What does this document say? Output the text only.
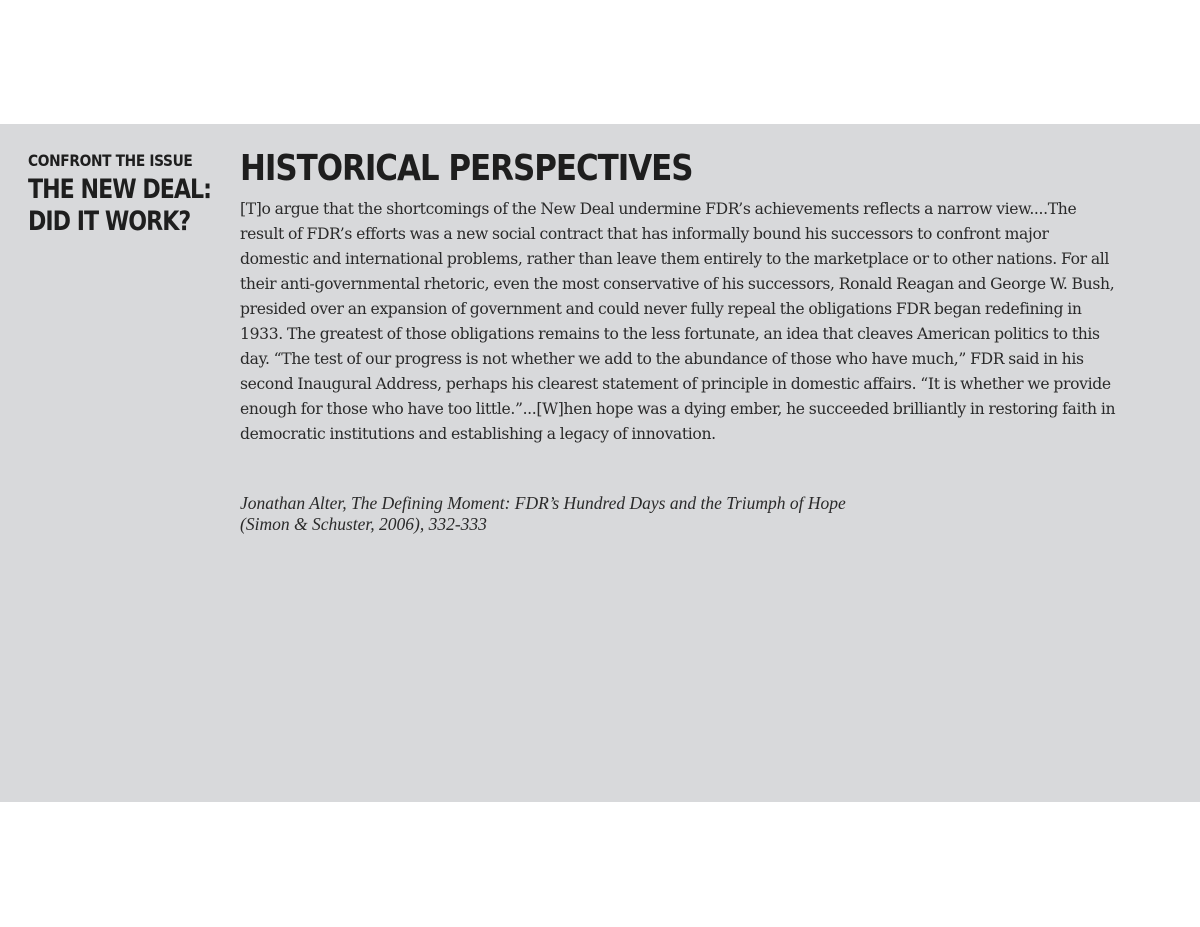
CONFRONT THE ISSUE
THE NEW DEAL:
DID IT WORK?
HISTORICAL PERSPECTIVES

[T]o argue that the shortcomings of the New Deal undermine FDR’s achievements reflects a narrow view....The result of FDR’s efforts was a new social contract that has informally bound his successors to confront major domestic and international problems, rather than leave them entirely to the marketplace or to other nations. For all their anti-governmental rhetoric, even the most conservative of his successors, Ronald Reagan and George W. Bush, presided over an expansion of government and could never fully repeal the obligations FDR began redefining in 1933. The greatest of those obligations remains to the less fortunate, an idea that cleaves American politics to this day. “The test of our progress is not whether we add to the abundance of those who have much,” FDR said in his second Inaugural Address, perhaps his clearest statement of principle in domestic affairs. “It is whether we provide enough for those who have too little.”...[W]hen hope was a dying ember, he succeeded brilliantly in restoring faith in democratic institutions and establishing a legacy of innovation.

Jonathan Alter, The Defining Moment: FDR’s Hundred Days and the Triumph of Hope
(Simon & Schuster, 2006), 332-333
